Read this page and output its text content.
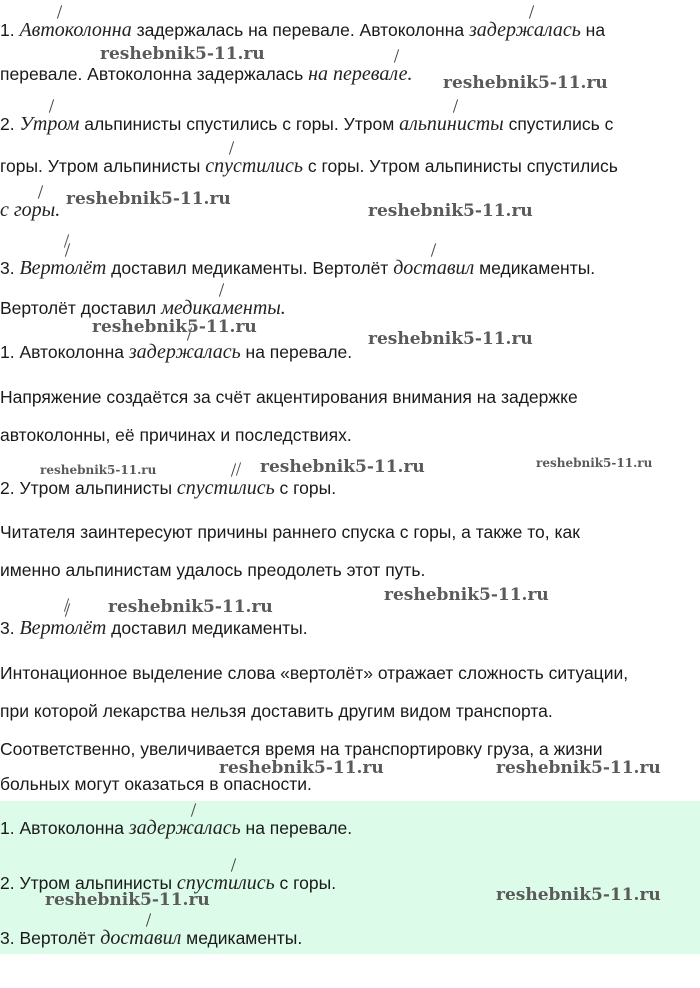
1.
Автоколонна задержалась на перевале. Автоколонна
задержалась на
перевале. Автоколонна задержалась
на перевале.
2.
Утром альпинисты спустились с горы. Утром
альпинисты спустились с
горы. Утром альпинисты
спустились с горы. Утром альпинисты спустились
с горы.
3.
Вертолёт доставил медикаменты. Вертолёт
доставил медикаменты.
Вертолёт доставил
медикаменты.
1. Автоколонна
задержалась на перевале.
Напряжение создаётся за счёт акцентирования внимания на задержке
автоколонны, её причинах и последствиях.
2. Утром альпинисты
спустились с горы.
Читателя заинтересуют причины раннего спуска с горы, а также то, как
именно альпинистам удалось преодолеть этот путь.
3.
Вертолёт доставил медикаменты.
Интонационное выделение слова «вертолёт» отражает сложность ситуации,
при которой лекарства нельзя доставить другим видом транспорта.
Соответственно, увеличивается время на транспортировку груза, а жизни
больных могут оказаться в опасности.
1. Автоколонна
задержалась на перевале.
2. Утром альпинисты
спустились с горы.
3. Вертолёт
доставил медикаменты.
reshebnik5-11.ru
reshebnik5-11.ru
reshebnik5-11.ru
reshebnik5-11.ru
reshebnik5-11.ru
reshebnik5-11.ru
reshebnik5-11.ru	reshebnik5-11.ru	reshebnik5-11.ru
reshebnik5-11.ru
reshebnik5-11.ru
reshebnik5-11.ru	reshebnik5-11.ru
reshebnik5-11.ru
reshebnik5-11.ru
